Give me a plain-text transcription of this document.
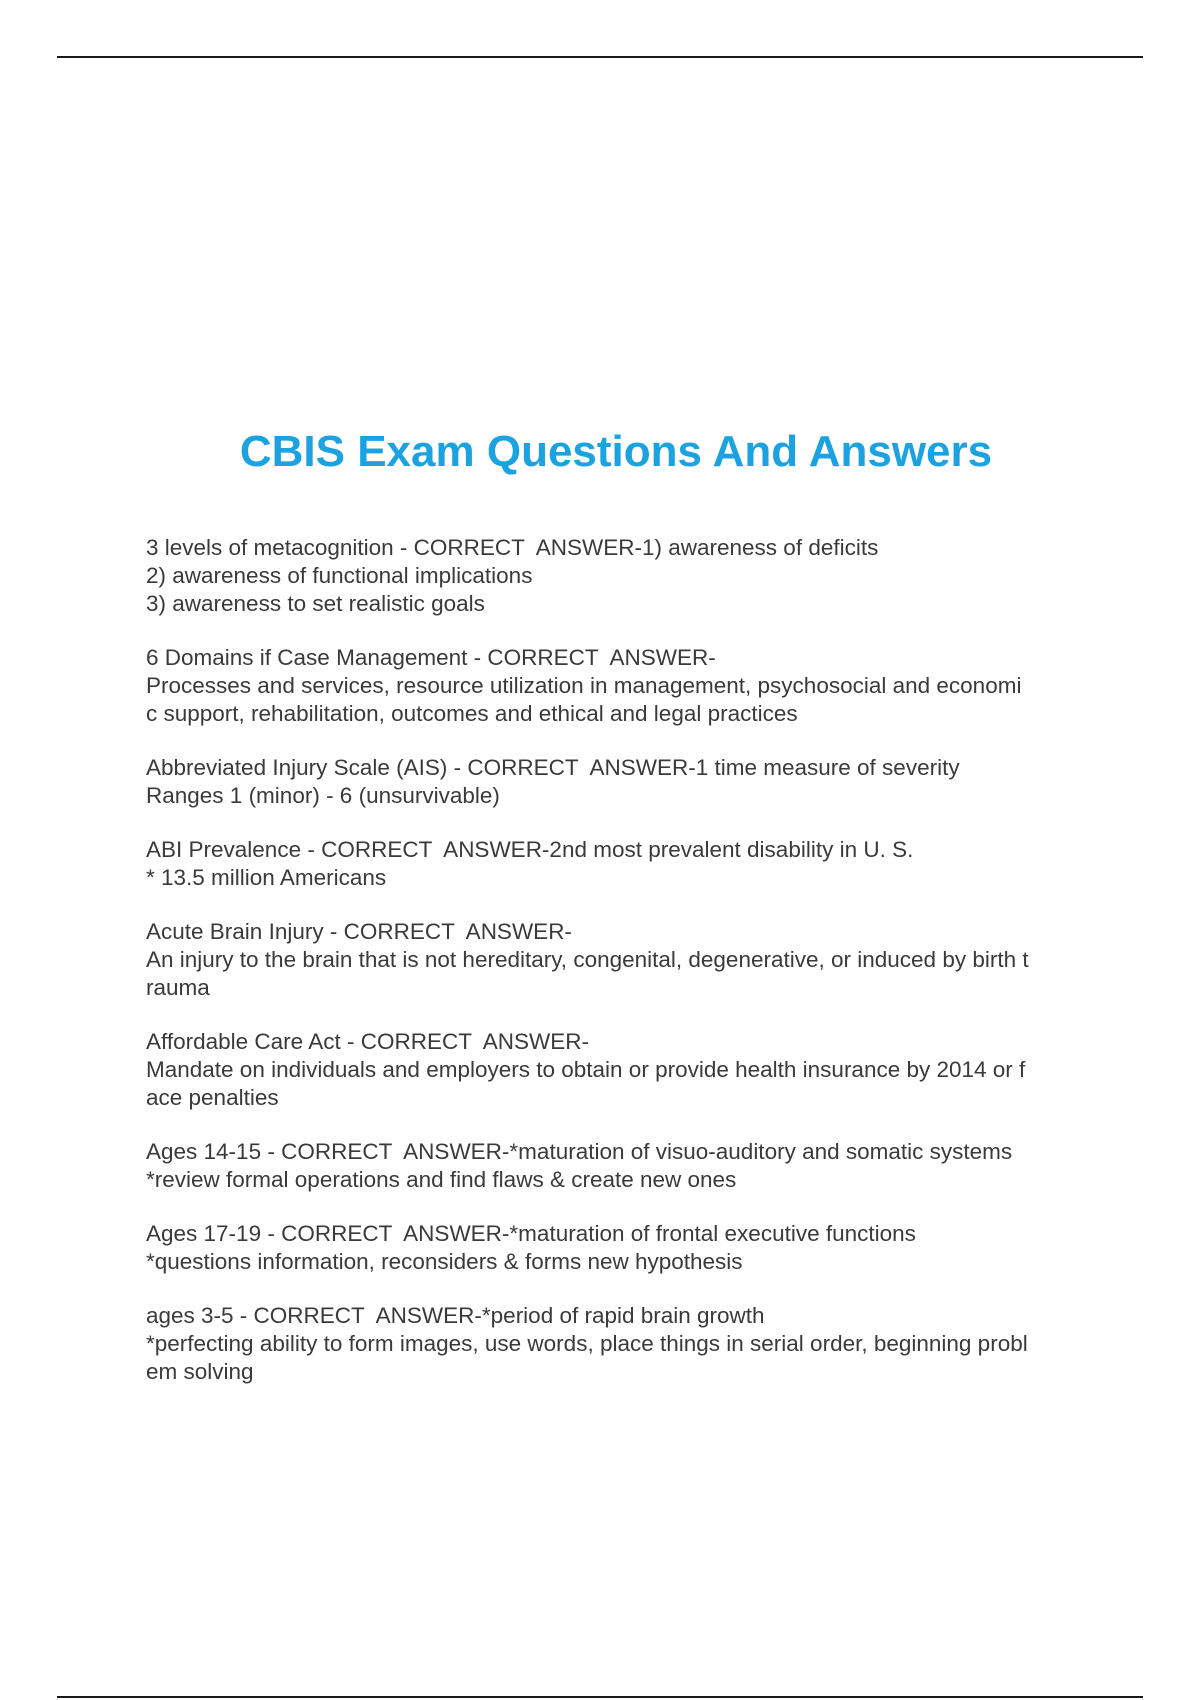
CBIS Exam Questions And Answers
3 levels of metacognition - CORRECT  ANSWER-1) awareness of deficits
2) awareness of functional implications
3) awareness to set realistic goals
6 Domains if Case Management - CORRECT  ANSWER-
Processes and services, resource utilization in management, psychosocial and economi
c support, rehabilitation, outcomes and ethical and legal practices
Abbreviated Injury Scale (AIS) - CORRECT  ANSWER-1 time measure of severity
Ranges 1 (minor) - 6 (unsurvivable)
ABI Prevalence - CORRECT  ANSWER-2nd most prevalent disability in U. S.
* 13.5 million Americans
Acute Brain Injury - CORRECT  ANSWER-
An injury to the brain that is not hereditary, congenital, degenerative, or induced by birth t
rauma
Affordable Care Act - CORRECT  ANSWER-
Mandate on individuals and employers to obtain or provide health insurance by 2014 or f
ace penalties
Ages 14-15 - CORRECT  ANSWER-*maturation of visuo-auditory and somatic systems
*review formal operations and find flaws & create new ones
Ages 17-19 - CORRECT  ANSWER-*maturation of frontal executive functions
*questions information, reconsiders & forms new hypothesis
ages 3-5 - CORRECT  ANSWER-*period of rapid brain growth
*perfecting ability to form images, use words, place things in serial order, beginning probl
em solving
